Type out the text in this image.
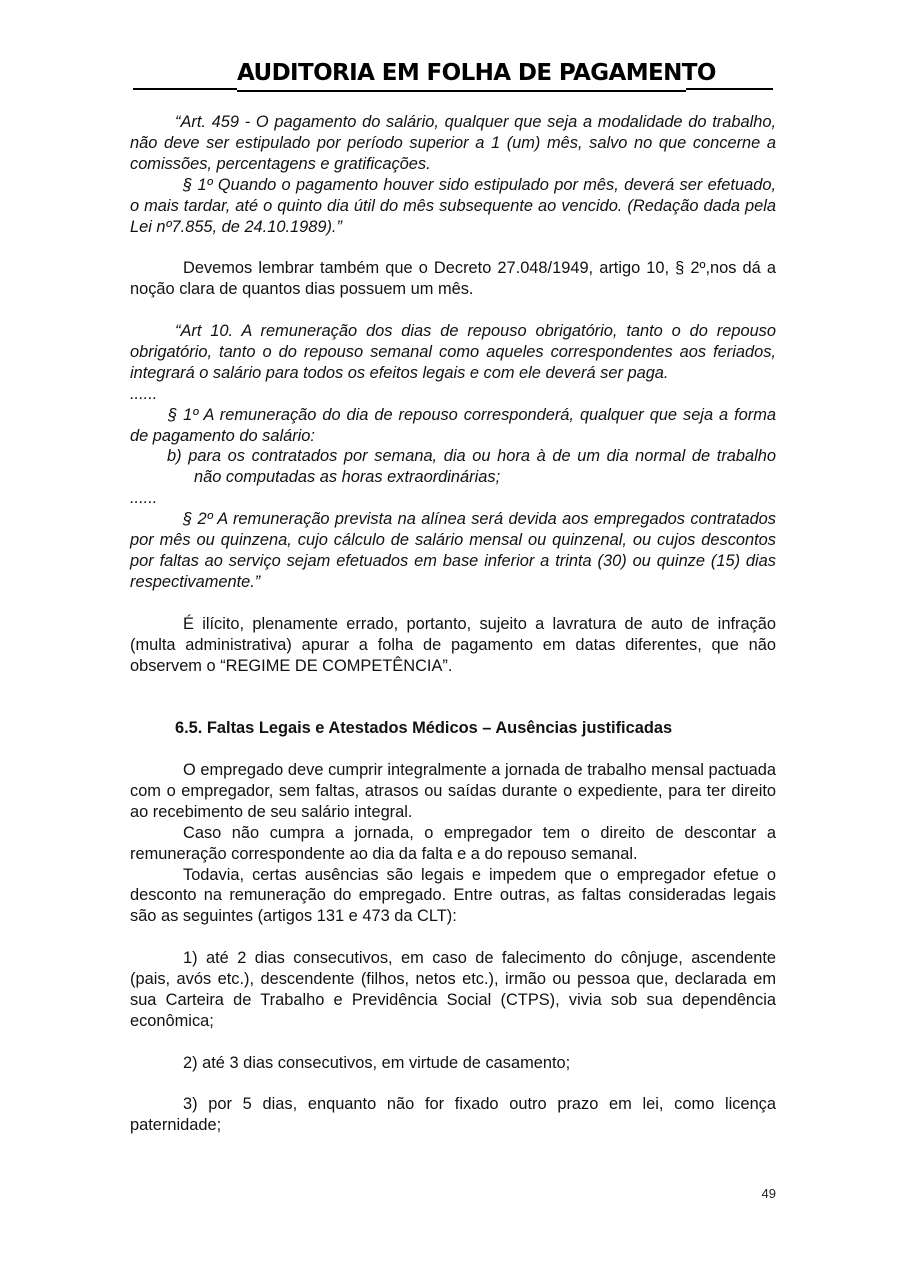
AUDITORIA EM FOLHA DE PAGAMENTO

“Art. 459 - O pagamento do salário, qualquer que seja a modalidade do trabalho, não deve ser estipulado por período superior a 1 (um) mês, salvo no que concerne a comissões, percentagens e gratificações.

§ 1º Quando o pagamento houver sido estipulado por mês, deverá ser efetuado, o mais tardar, até o quinto dia útil do mês subsequente ao vencido. (Redação dada pela Lei nº7.855, de 24.10.1989).”

Devemos lembrar também que o Decreto 27.048/1949, artigo 10, § 2º,nos dá a noção clara de quantos dias possuem um mês.

“Art 10. A remuneração dos dias de repouso obrigatório, tanto o do repouso obrigatório, tanto o do repouso semanal como aqueles correspondentes aos feriados, integrará o salário para todos os efeitos legais e com ele deverá ser paga.

......

§ 1º A remuneração do dia de repouso corresponderá, qualquer que seja a forma de pagamento do salário:

b) para os contratados por semana, dia ou hora à de um dia normal de trabalho não computadas as horas extraordinárias;

......

§ 2º A remuneração prevista na alínea será devida aos empregados contratados por mês ou quinzena, cujo cálculo de salário mensal ou quinzenal, ou cujos descontos por faltas ao serviço sejam efetuados em base inferior a trinta (30) ou quinze (15) dias respectivamente.”

É ilícito, plenamente errado, portanto, sujeito a lavratura de auto de infração (multa administrativa) apurar a folha de pagamento em datas diferentes, que não observem o “REGIME DE COMPETÊNCIA”.

6.5. Faltas Legais e Atestados Médicos – Ausências justificadas

O empregado deve cumprir integralmente a jornada de trabalho mensal pactuada com o empregador, sem faltas, atrasos ou saídas durante o expediente, para ter direito ao recebimento de seu salário integral.

Caso não cumpra a jornada, o empregador tem o direito de descontar a remuneração correspondente ao dia da falta e a do repouso semanal.

Todavia, certas ausências são legais e impedem que o empregador efetue o desconto na remuneração do empregado. Entre outras, as faltas consideradas legais são as seguintes (artigos 131 e 473 da CLT):

1) até 2 dias consecutivos, em caso de falecimento do cônjuge, ascendente (pais, avós etc.), descendente (filhos, netos etc.), irmão ou pessoa que, declarada em sua Carteira de Trabalho e Previdência Social (CTPS), vivia sob sua dependência econômica;

2) até 3 dias consecutivos, em virtude de casamento;

3) por 5 dias, enquanto não for fixado outro prazo em lei, como licença paternidade;

49
